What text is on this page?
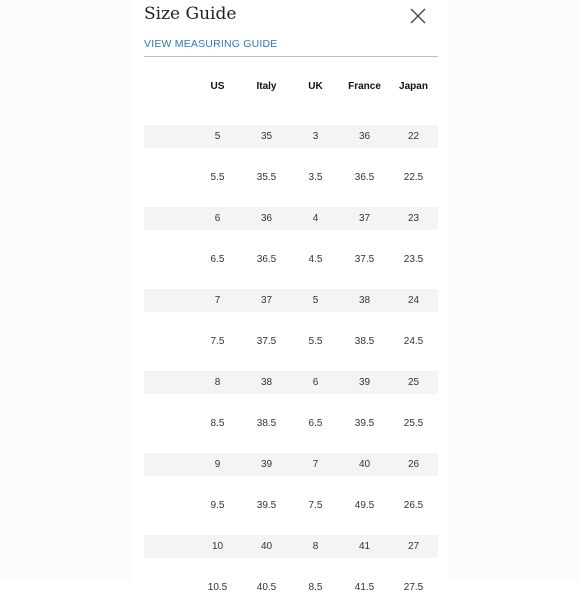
Size Guide
VIEW MEASURING GUIDE
US	Italy	UK	France	Japan
5	35	3	36	22
5.5	35.5	3.5	36.5	22.5
6	36	4	37	23
6.5	36.5	4.5	37.5	23.5
7	37	5	38	24
7.5	37.5	5.5	38.5	24.5
8	38	6	39	25
8.5	38.5	6.5	39.5	25.5
9	39	7	40	26
9.5	39.5	7.5	49.5	26.5
10	40	8	41	27
10.5	40.5	8.5	41.5	27.5
